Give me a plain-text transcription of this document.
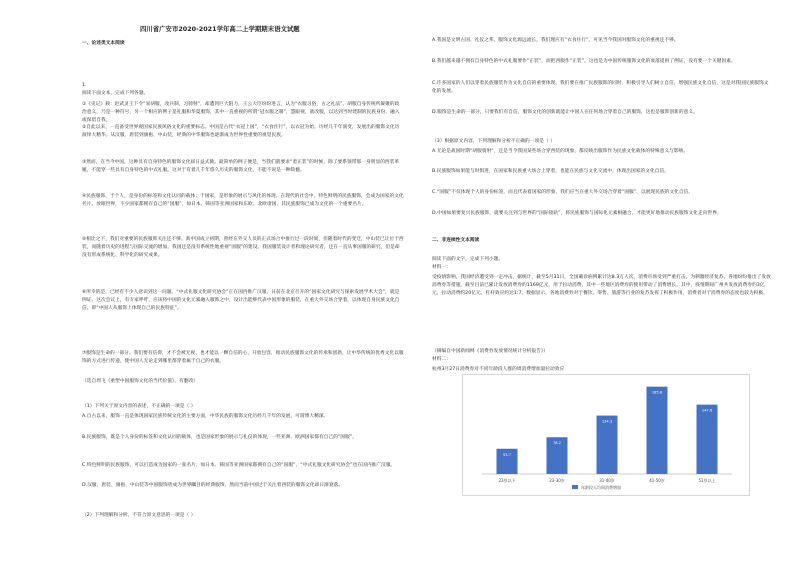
四川省广安市2020-2021学年高二上学期期末语文试题

一、论述类文本阅读

1.

阅读下面文本，完成下列各题。

①《史记》载：赵武灵王下令“易胡服，改兵制，习骑射”，却遭到巨大阻力，王公大臣纷纷进言，认为“衣服习俗，古之礼法”。胡服自身传统所凝聚的政治意义，乃是一种符号，另一个相应的例子是礼服和华夏服饰，其中一直重视的所谓“冠衣服之制”，慧眼视，欲改服，以达到当时建制的民族身份、融入或保留自我。

②自此以来，一直备受世界观国家民族风俗文化的重要标志。中国是古代“衣冠上国”，“衣食住行”，以衣冠为始。历经几千年演变，发展出的服饰文化历演绎大精华。从汉服、唐装到旗袍、中山装，经典的中华服饰也逐渐成为世界性重要的视觉民族。

③然而，在当今中国，这种具有自身特色的服饰文化却日益式微。最简单的例子便是，当我们就要求“着正装”的时候，除了要系领带那一身明显的西装革履，不能穿一些具有自身特色的中式礼服。这对于有着几千年悠久历史的服饰文化，不能不说是一种缺憾。

④民族服饰，于个人，是身份的标签和文化认同的载体；于国家，是形象的展示与风化的体现。在现代的社会中，特色鲜明的民族服饰，会成为国家的文化名片。放眼世界，不少国家都拥有自己的“国服”，如日本、韩国等亚洲国家和东欧、北欧诸国，其民族服饰已成为文化的一个重要名片。

⑤相比之下，我们对重要的民族服饰关注还不够。新中国成立初期，曾经在外交人员的正式场合中推行过一段时间，但随着时代的变迁，中山装已让位于西装，而随着历史的进程与国际交流的增加，我国还是没有系统性地重视“国服”的建设。我国服装设计者和理论研究者，还在一直从事国服的研究，但是却没有形成系统化、科学化的研究成果。

⑥所幸的是，已经有不少人意识到这一问题。“中式礼服文化研究协会”正在国内推广汉服，日前在北京召开的“国家文化研究与探索发展学术大会”，就是例证。这次会议上，有专家呼吁，应该将中国的文化元素融入服饰之中，设计出能够代表中国形象的服装，在重大外交场合穿着，以体现自身民族文化自信，即“中国人从服饰上体现自己的民族特征”。

⑦服饰是生命的一部分。我们要有信仰，才不会被无视、也才能以一颗自信的心，开放包容，推动民族服饰文化的传承和创新，让中华传统的优秀文化以服饰的方式进行传递，使中国人无论走到哪里都穿着属于自己的衣服。

（选自周飞《重塑中国服饰文化的当代价值》，有删改）

（1）下列关于原文内容的表述，不正确的一项是（ ）

A.自古以来，服饰一直是体现国家民族传统文化的主要方面，中华民族的服饰文化历经几千年的发展，可谓博大精深。

B.民族服饰，既是个人身份的标签和文化认同的载体，也是国家形象的展示与礼仪的体现，一些亚洲、欧洲国家都有自己的“国服”。

C.特色鲜明的民族服饰，可以打造成为国家的一张名片，如日本、韩国等亚洲国家都拥有自己的“国服”，“中式礼服文化研究协会”也在国内推广汉服。

D.汉服、唐装、旗袍、中山装等中国服饰曾成为世界瞩目的经典服饰，然而当前中国过于关注着西装的服饰文化却日渐衰落。

（2）下列理解和分析，不符合原文意思的一项是（ ）

A.我国是文明古国、礼仪之邦，服饰文化源远流长，我们理应有“衣食住行”，可见当今我国对服饰文化的重视还不够。

B.我们越来越不拥有自身特色的中式礼服要作“正装”，而把西服作“正装”，这也是为中国传统服饰文化的衰落提供了例证，没有要一个关键因素。

C.许多国家的人们以穿着民族服装作为文化自信的重要体现，我们要在推广民族服饰的同时，积极引导人们树立自信，增强民族文化自信，这是对我国民族服饰文化的发展。

D.服饰是生命的一部分，只要我们有自信，服饰文化的创新就能让中国人在任何场合穿着自己的服饰，这也是服饰创新的意义。

（3）根据原文内容，下列理解和分析不正确的一项是（ ）

A.无论是战国时期“胡服骑射”，还是当今我国某些场合穿西装的现象，都反映出服饰作为民族文化载体的特殊意义与影响。

B.民族服饰如果能与时俱进，在国家和民族重大场合上穿着，也能在民族与文化交流中，体现出国家的文化自信。

C.“国服”不仅体现个人的身份标签，而且代表着国家的形象，我们应当在重大外交场合穿着“国服”，以展现民族的文化自信。

D.中国如果要复兴民族服饰，就要关注到与世界的“国际接轨”，将民族服饰与国际化元素相融合，才能更好地推动民族服饰文化走向世界。

二、非连续性文本阅读

阅读下面的文字，完成下列小题。

材料一：

受疫情影响，我国经济遭受到一定冲击，据统计，截至5月31日，全国确诊病例累计达8.3万人次，消费市场受到严重打击，为刺激经济复苏，各地纷纷推出了发放消费券等措施，截至目前已累计发放消费券约1169亿元，用于拉动消费，其中一些地区消费券的使用带动了消费增长。其中，疫情期间广州共发放消费券约3亿元，拉动消费约20亿元，杠杆效应约达1:7。数据显示，各地消费券对于餐饮、零售、旅游等行业的复苏发挥了积极作用，消费者对于消费券的态度也较为积极。

（摘编自中国新闻网《消费券发放情况统计分析报告》）

材料二：

杭州3月27日消费券对不同年龄段人群的周消费增加量拉动效应

53.7
23岁以下
78.2
23-30岁
124.3
31-40岁
185.8
41-50岁
147.6
51岁以上
年龄段人均周消费增加
